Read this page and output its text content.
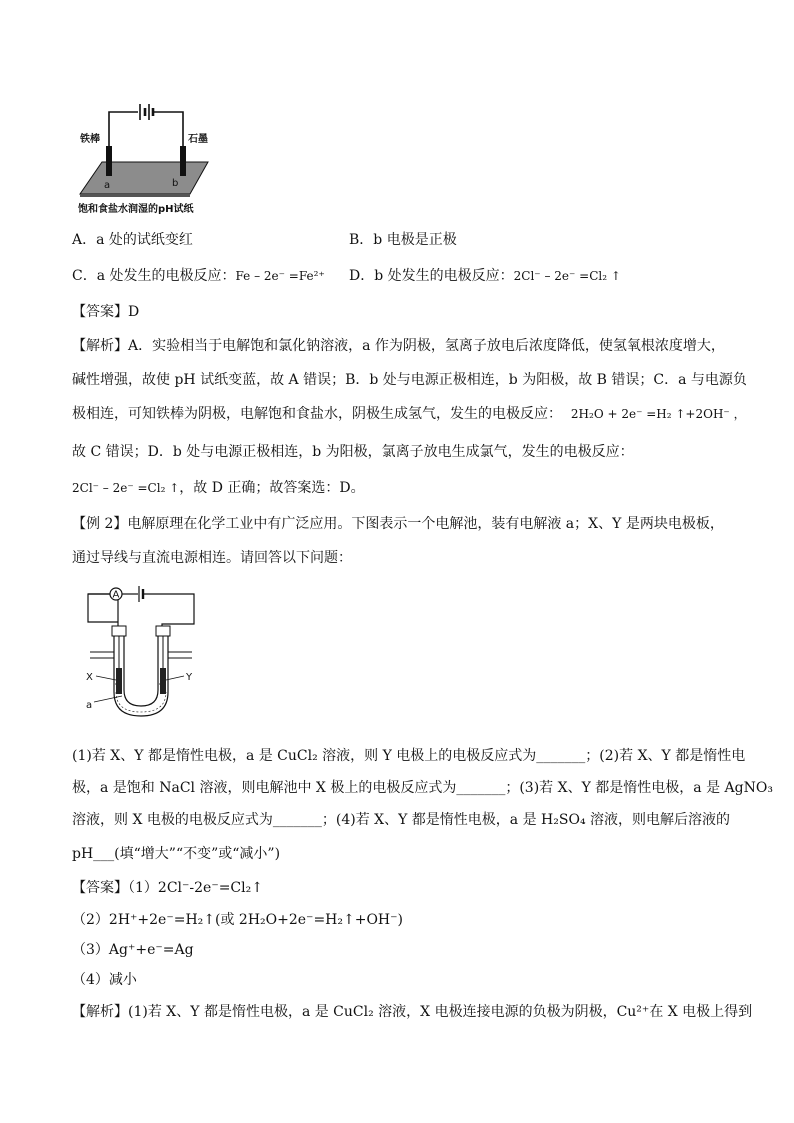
铁棒	石墨
a	b
饱和食盐水润湿的pH试纸
A．a 处的试纸变红	B．b 电极是正极
C．a 处发生的电极反应：Fe – 2e⁻ =Fe²⁺ D．b 处发生的电极反应：2Cl⁻ – 2e⁻ =Cl₂ ↑
【答案】D
【解析】A．实验相当于电解饱和氯化钠溶液，a 作为阴极，氢离子放电后浓度降低，使氢氧根浓度增大，
碱性增强，故使 pH 试纸变蓝，故 A 错误；B．b 处与电源正极相连，b 为阳极，故 B 错误；C．a 与电源负
极相连，可知铁棒为阴极，电解饱和食盐水，阴极生成氢气，发生的电极反应： 2H₂O + 2e⁻ =H₂ ↑+2OH⁻ ，
故 C 错误；D．b 处与电源正极相连，b 为阳极，氯离子放电生成氯气，发生的电极反应：
2Cl⁻ – 2e⁻ =Cl₂ ↑，故 D 正确；故答案选：D。
【例 2】电解原理在化学工业中有广泛应用。下图表示一个电解池，装有电解液 a；X、Y 是两块电极板，
通过导线与直流电源相连。请回答以下问题：
A
X	Y
a
(1)若 X、Y 都是惰性电极，a 是 CuCl₂ 溶液，则 Y 电极上的电极反应式为_______；(2)若 X、Y 都是惰性电
极，a 是饱和 NaCl 溶液，则电解池中 X 极上的电极反应式为_______；(3)若 X、Y 都是惰性电极，a 是 AgNO₃
溶液，则 X 电极的电极反应式为_______；(4)若 X、Y 都是惰性电极，a 是 H₂SO₄ 溶液，则电解后溶液的
pH___(填“增大”“不变”或“减小”)
【答案】（1）2Cl⁻-2e⁻=Cl₂↑
（2）2H⁺+2e⁻=H₂↑(或 2H₂O+2e⁻=H₂↑+OH⁻)
（3）Ag⁺+e⁻=Ag
（4）减小
【解析】(1)若 X、Y 都是惰性电极，a 是 CuCl₂ 溶液，X 电极连接电源的负极为阴极，Cu²⁺在 X 电极上得到
